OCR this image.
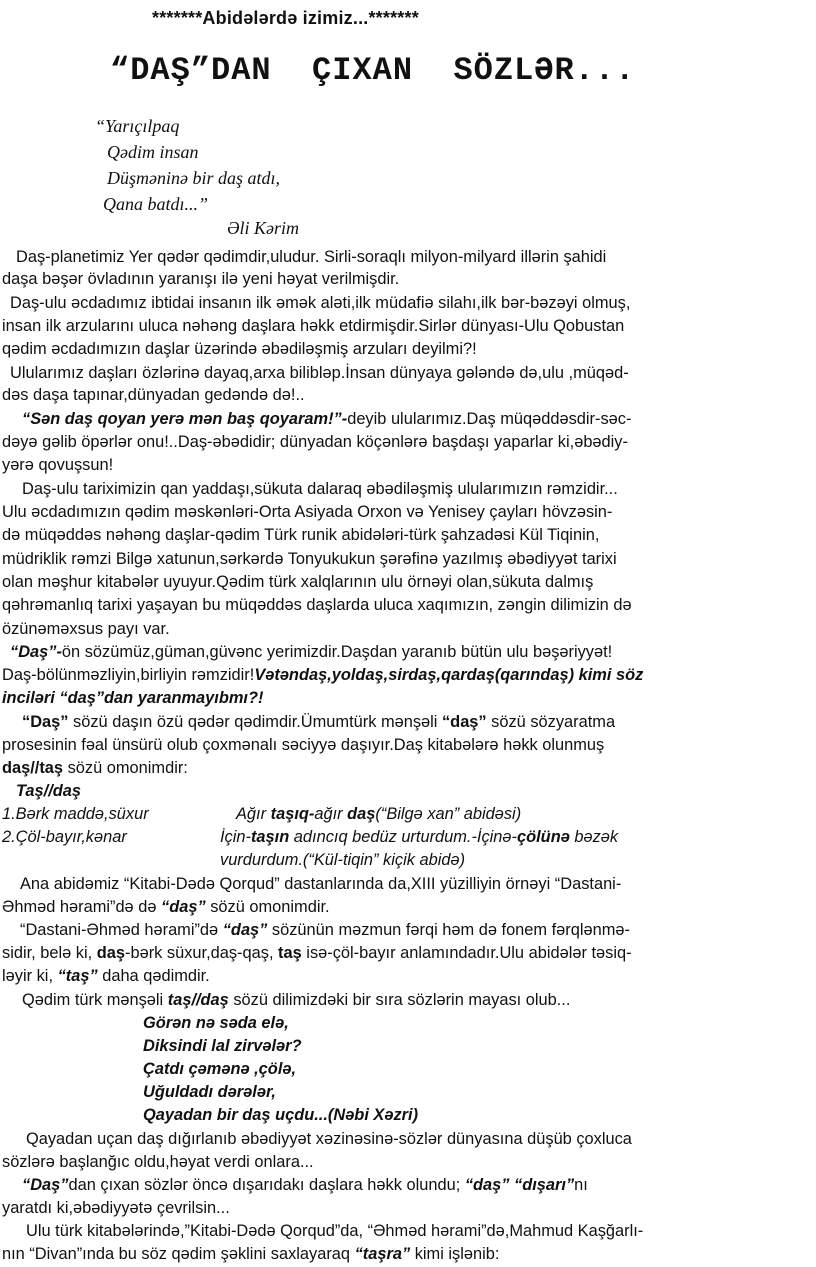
*******Abidələrdə izimiz...*******
“DAŞ”DAN  ÇIXAN  SÖZLƏR...
“Yarıçılpaq
Qədim insan
Düşməninə bir daş atdı,
Qana batdı...”
Əli Kərim
Daş-planetimiz Yer qədər qədimdir,uludur. Sirli-soraqlı milyon-milyard illərin şahidi
daşa bəşər övladının yaranışı ilə yeni həyat verilmişdir.
Daş-ulu əcdadımız ibtidai insanın ilk əmək aləti,ilk müdafiə silahı,ilk bər-bəzəyi olmuş,
insan ilk arzularını uluca nəhəng daşlara həkk etdirmişdir.Sirlər dünyası-Ulu Qobustan
qədim əcdadımızın daşlar üzərində əbədiləşmiş arzuları deyilmi?!
Ulularımız daşları özlərinə dayaq,arxa bilibləр.İnsan dünyaya gələndə də,ulu ,müqəd-
dəs daşa tapınar,dünyadan gedəndə də!..
“Sən daş qoyan yerə mən baş qoyaram!”-deyib ulularımız.Daş müqəddəsdir-səc-
dəyə gəlib öpərlər onu!..Daş-əbədidir; dünyadan köçənlərə başdaşı yaparlar ki,əbədiy-
yərə qovuşsun!
Daş-ulu tariximizin qan yaddaşı,sükuta dalaraq əbədiləşmiş ulularımızın rəmzidir...
Ulu əcdadımızın qədim məskənləri-Orta Asiyada Orxon və Yenisey çayları hövzəsin-
də müqəddəs nəhəng daşlar-qədim Türk runik abidələri-türk şahzadəsi Kül Tiqinin,
müdriklik rəmzi Bilgə xatunun,sərkərdə Tonyukukun şərəfinə yazılmış əbədiyyət tarixi
olan məşhur kitabələr uyuyur.Qədim türk xalqlarının ulu örnəyi olan,sükuta dalmış
qəhrəmanlıq tarixi yaşayan bu müqəddəs daşlarda uluca xaqımızın, zəngin dilimizin də
özünəməxsus payı var.
“Daş”-ön sözümüz,güman,güvənc yerimizdir.Daşdan yaranıb bütün ulu bəşəriyyət!
Daş-bölünməzliyin,birliyin rəmzidir!Vətəndaş,yoldaş,sirdaş,qardaş(qarındaş) kimi söz
inciləri “daş”dan yaranmayıbmı?!
“Daş” sözü daşın özü qədər qədimdir.Ümumtürk mənşəli “daş” sözü sözyaratma
prosesinin fəal ünsürü olub çoxmənalı səciyyə daşıyır.Daş kitabələrə həkk olunmuş
daş//taş sözü omonimdir:
Taş//daş
1.Bərk maddə,süxur	Ağır taşıq-ağır daş(“Bilgə xan” abidəsi)
2.Çöl-bayır,kənar	İçin-taşın adıncıq bedüz urturdum.-İçinə-çölünə bəzək
vurdurdum.(“Kül-tiqin” kiçik abidə)
Ana abidəmiz “Kitabi-Dədə Qorqud” dastanlarında da,XIII yüzilliyin örnəyi “Dastani-
Əhməd hərami”də də “daş” sözü omonimdir.
“Dastani-Əhməd hərami”də “daş” sözünün məzmun fərqi həm də fonem fərqlənmə-
sidir, belə ki, daş-bərk süxur,daş-qaş, taş isə-çöl-bayır anlamındadır.Ulu abidələr təsiq-
ləyir ki, “taş” daha qədimdir.
Qədim türk mənşəli taş//daş sözü dilimizdəki bir sıra sözlərin mayası olub...
Görən nə səda elə,
Diksindi lal zirvələr?
Çatdı çəmənə ,çölə,
Uğuldadı dərələr,
Qayadan bir daş uçdu...(Nəbi Xəzri)
Qayadan uçan daş dığırlanıb əbədiyyət xəzinəsinə-sözlər dünyasına düşüb çoxluca
sözlərə başlanğıc oldu,həyat verdi onlara...
“Daş”dan çıxan sözlər öncə dışarıdakı daşlara həkk olundu; “daş” “dışarı”nı
yaratdı ki,əbədiyyətə çevrilsin...
Ulu türk kitabələrində,”Kitabi-Dədə Qorqud”da, “Əhməd hərami”də,Mahmud Kaşğarlı-
nın “Divan”ında bu söz qədim şəklini saxlayaraq “taşra” kimi işlənib:
